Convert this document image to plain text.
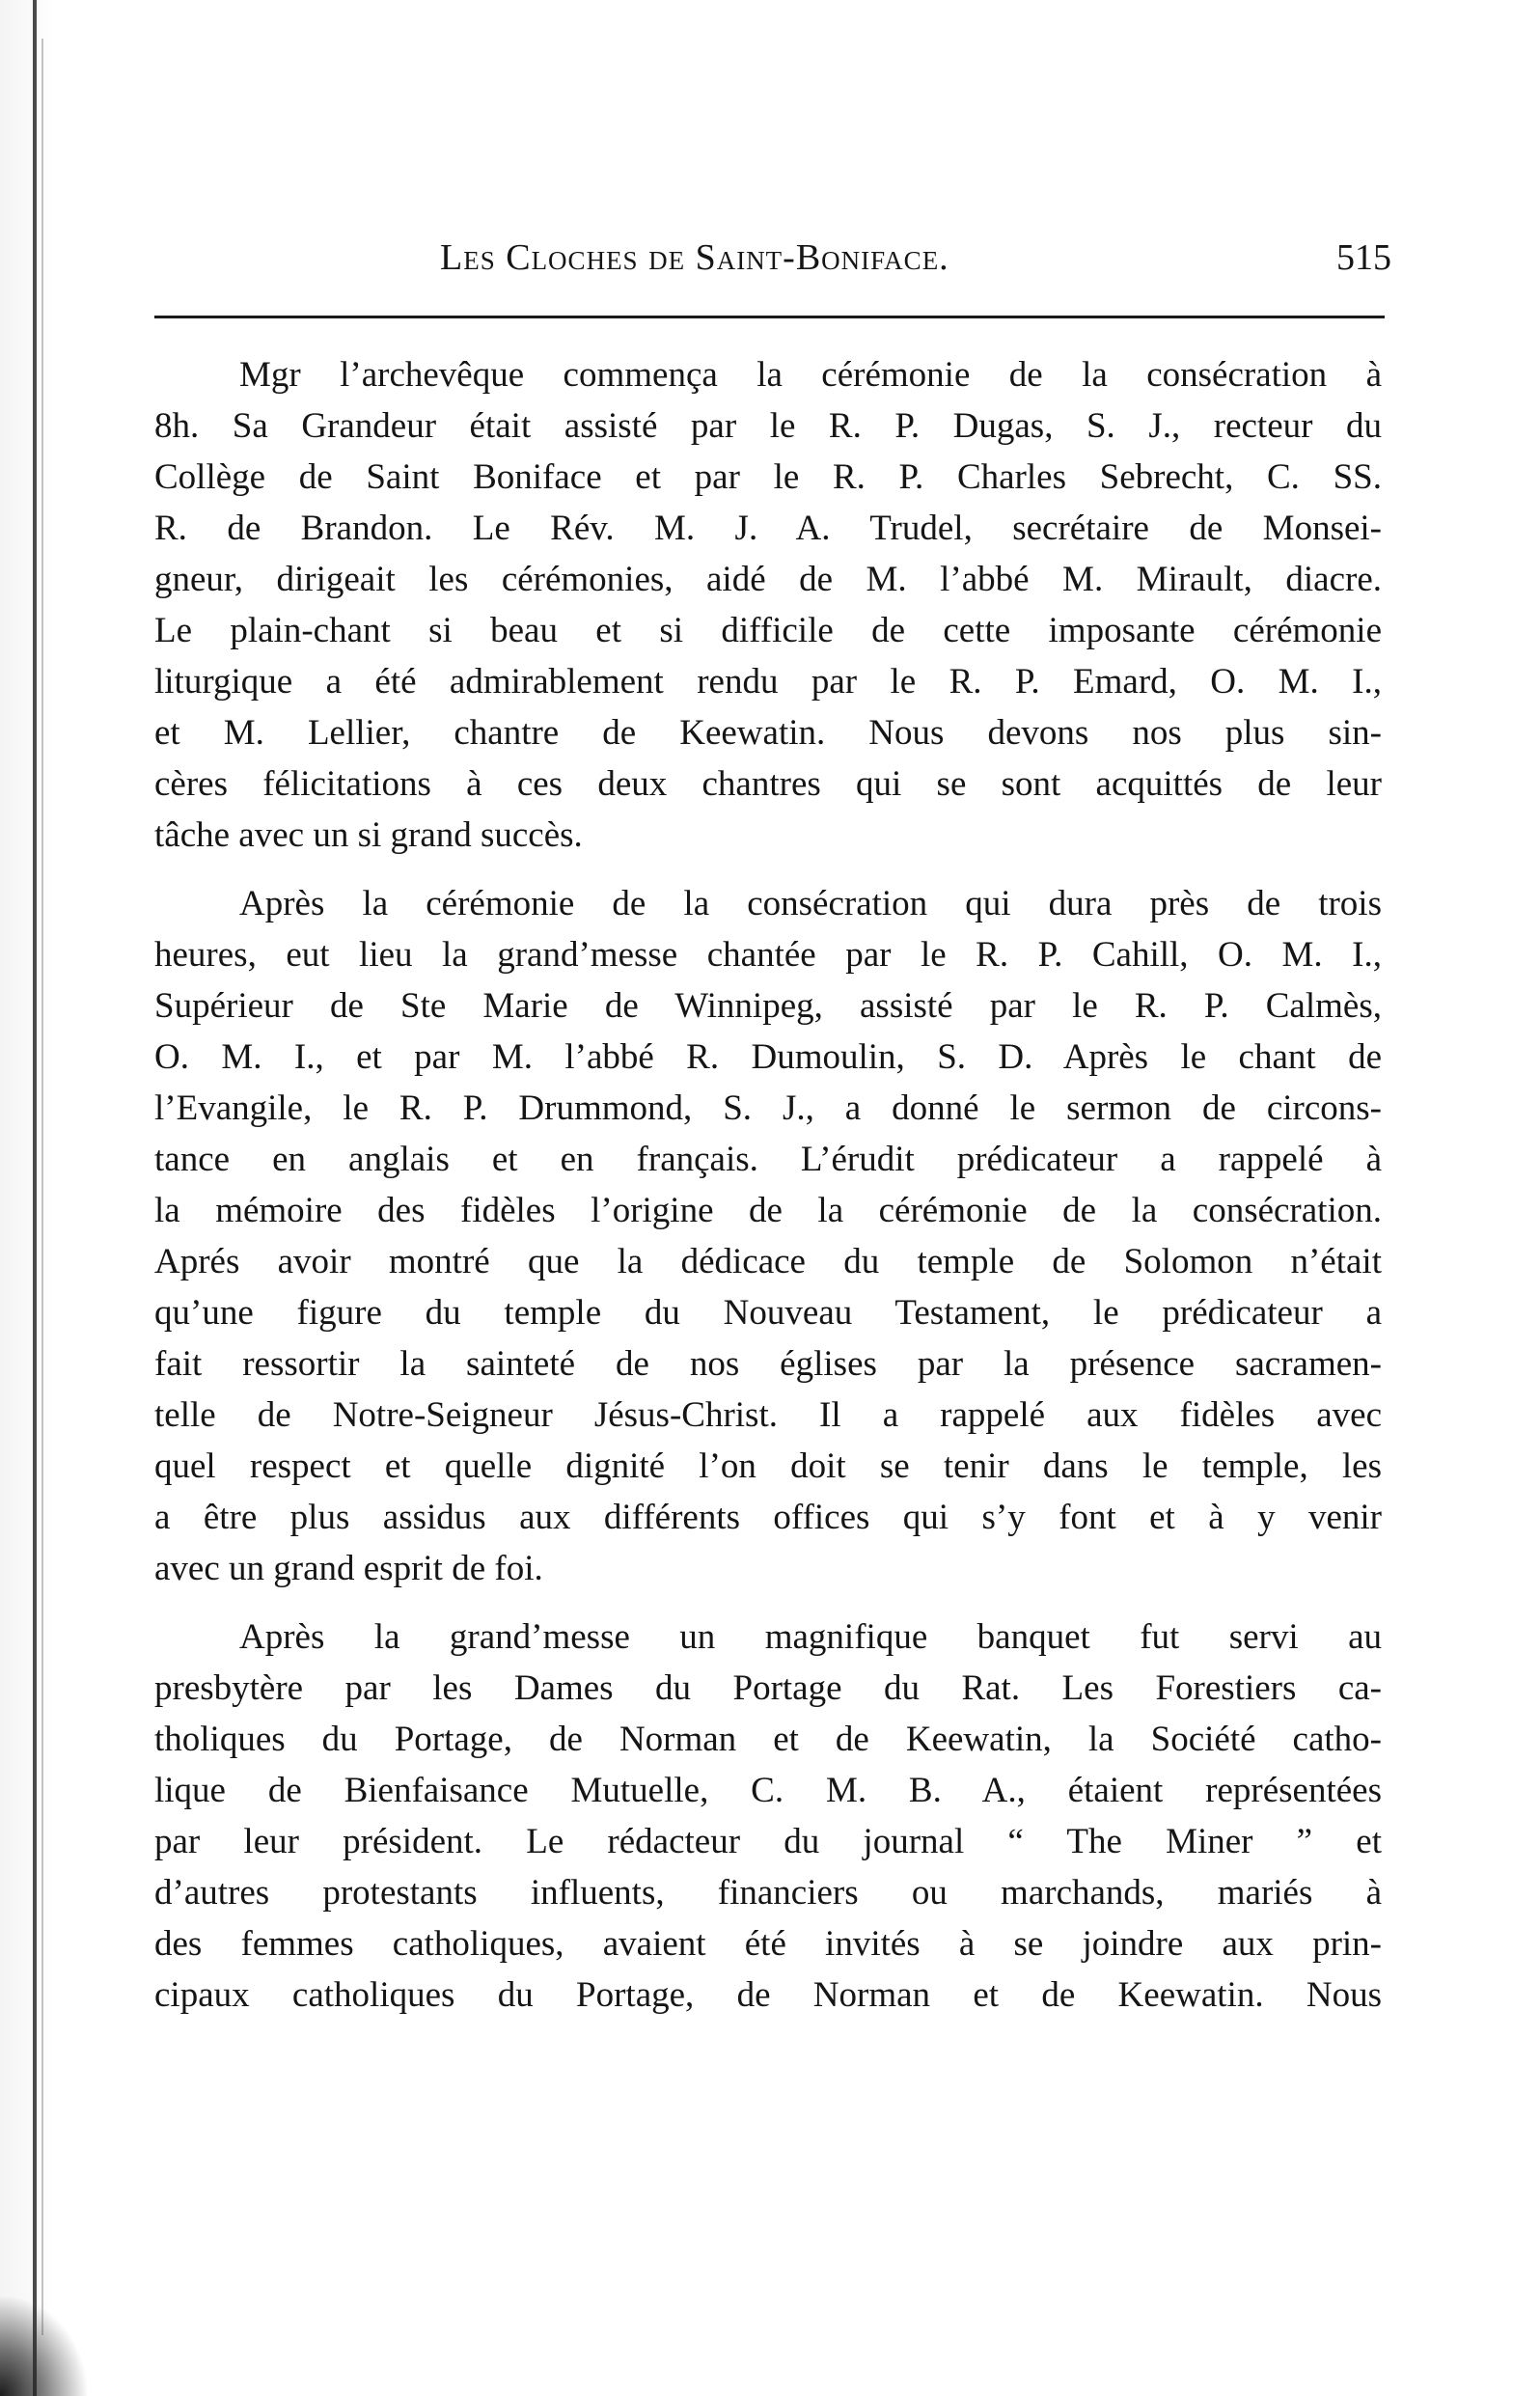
Les Cloches de Saint-Boniface.	515
Mgr l’archevêque commença la cérémonie de la consécration à
8h. Sa Grandeur était assisté par le R. P. Dugas, S. J., recteur du
Collège de Saint Boniface et par le R. P. Charles Sebrecht, C. SS.
R. de Brandon. Le Rév. M. J. A. Trudel, secrétaire de Monsei-
gneur, dirigeait les cérémonies, aidé de M. l’abbé M. Mirault, diacre.
Le plain-chant si beau et si difficile de cette imposante cérémonie
liturgique a été admirablement rendu par le R. P. Emard, O. M. I.,
et M. Lellier, chantre de Keewatin. Nous devons nos plus sin-
cères félicitations à ces deux chantres qui se sont acquittés de leur
tâche avec un si grand succès.
Après la cérémonie de la consécration qui dura près de trois
heures, eut lieu la grand’messe chantée par le R. P. Cahill, O. M. I.,
Supérieur de Ste Marie de Winnipeg, assisté par le R. P. Calmès,
O. M. I., et par M. l’abbé R. Dumoulin, S. D. Après le chant de
l’Evangile, le R. P. Drummond, S. J., a donné le sermon de circons-
tance en anglais et en français. L’érudit prédicateur a rappelé à
la mémoire des fidèles l’origine de la cérémonie de la consécration.
Aprés avoir montré que la dédicace du temple de Solomon n’était
qu’une figure du temple du Nouveau Testament, le prédicateur a
fait ressortir la sainteté de nos églises par la présence sacramen-
telle de Notre-Seigneur Jésus-Christ. Il a rappelé aux fidèles avec
quel respect et quelle dignité l’on doit se tenir dans le temple, les
a être plus assidus aux différents offices qui s’y font et à y venir
avec un grand esprit de foi.
Après la grand’messe un magnifique banquet fut servi au
presbytère par les Dames du Portage du Rat. Les Forestiers ca-
tholiques du Portage, de Norman et de Keewatin, la Société catho-
lique de Bienfaisance Mutuelle, C. M. B. A., étaient représentées
par leur président. Le rédacteur du journal “ The Miner ” et
d’autres protestants influents, financiers ou marchands, mariés à
des femmes catholiques, avaient été invités à se joindre aux prin-
cipaux catholiques du Portage, de Norman et de Keewatin. Nous
